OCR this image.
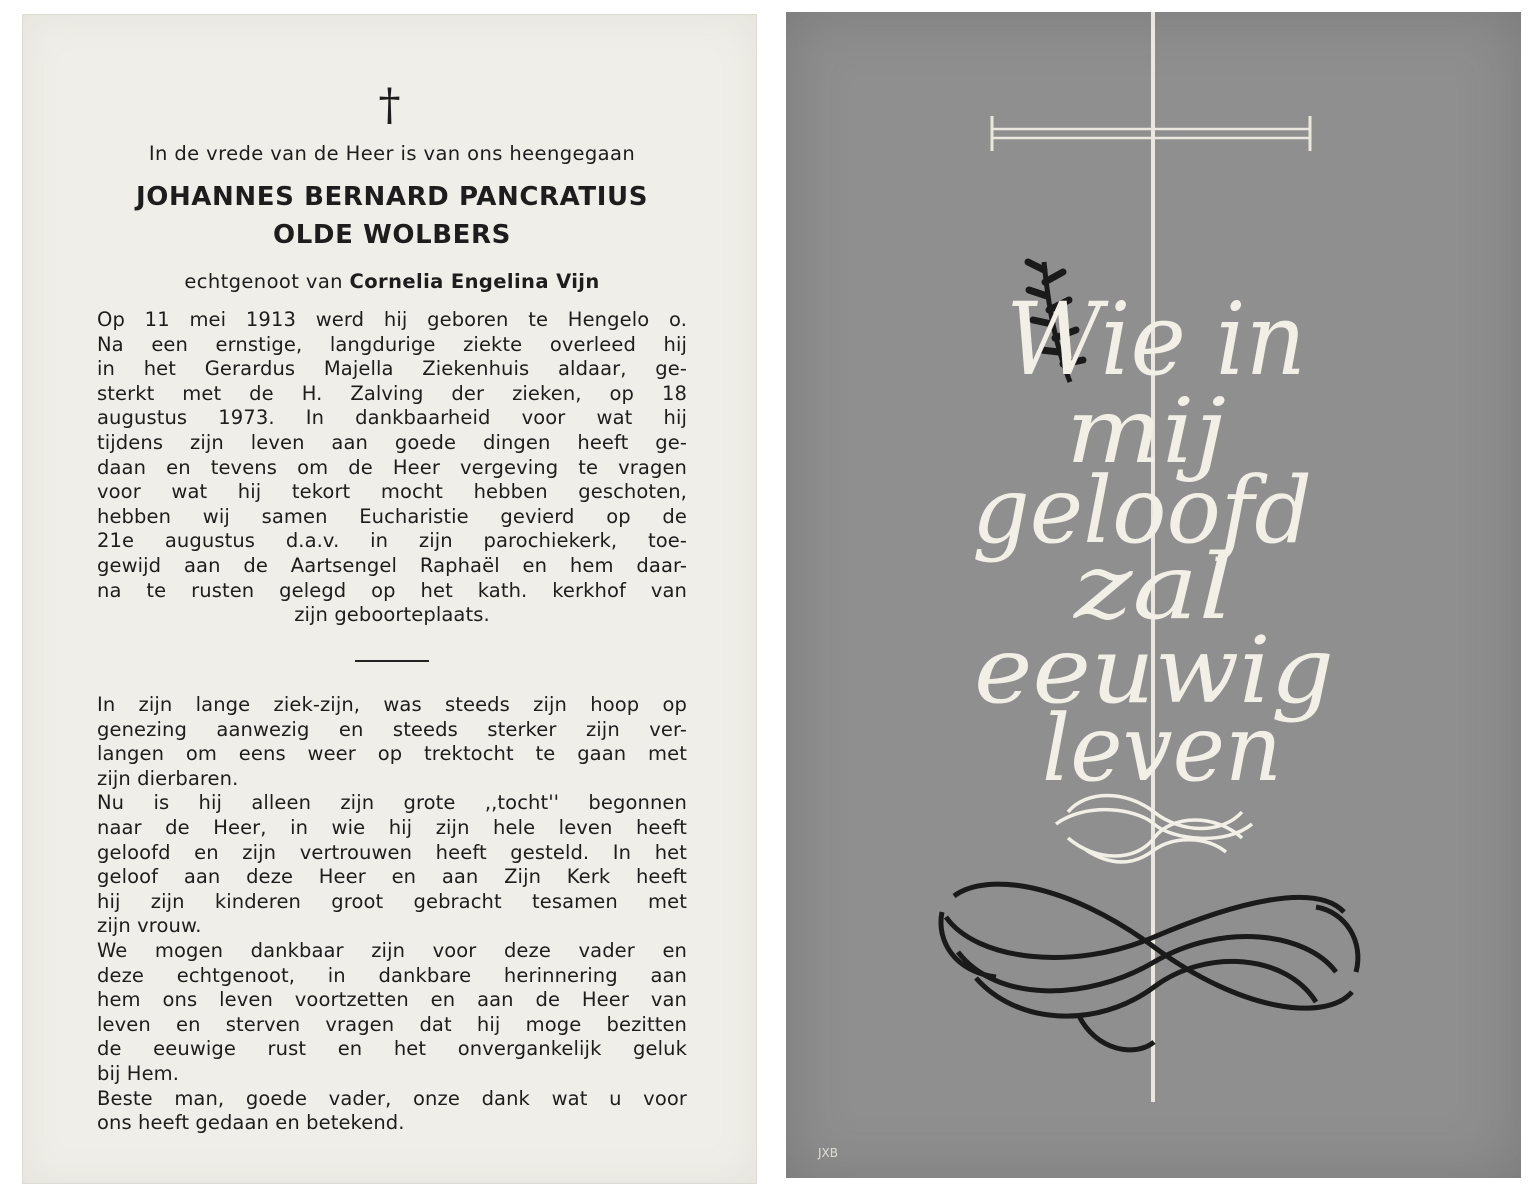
†
In de vrede van de Heer is van ons heengegaan
JOHANNES BERNARD PANCRATIUS
OLDE WOLBERS
echtgenoot van Cornelia Engelina Vijn
Op 11 mei 1913 werd hij geboren te Hengelo o.
Na een ernstige, langdurige ziekte overleed hij
in het Gerardus Majella Ziekenhuis aldaar, ge-
sterkt met de H. Zalving der zieken, op 18
augustus 1973. In dankbaarheid voor wat hij
tijdens zijn leven aan goede dingen heeft ge-
daan en tevens om de Heer vergeving te vragen
voor wat hij tekort mocht hebben geschoten,
hebben wij samen Eucharistie gevierd op de
21e augustus d.a.v. in zijn parochiekerk, toe-
gewijd aan de Aartsengel Raphaël en hem daar-
na te rusten gelegd op het kath. kerkhof van
zijn geboorteplaats.
In zijn lange ziek-zijn, was steeds zijn hoop op
genezing aanwezig en steeds sterker zijn ver-
langen om eens weer op trektocht te gaan met
zijn dierbaren.
Nu is hij alleen zijn grote ,,tocht'' begonnen
naar de Heer, in wie hij zijn hele leven heeft
geloofd en zijn vertrouwen heeft gesteld. In het
geloof aan deze Heer en aan Zijn Kerk heeft
hij zijn kinderen groot gebracht tesamen met
zijn vrouw.
We mogen dankbaar zijn voor deze vader en
deze echtgenoot, in dankbare herinnering aan
hem ons leven voortzetten en aan de Heer van
leven en sterven vragen dat hij moge bezitten
de eeuwige rust en het onvergankelijk geluk
bij Hem.
Beste man, goede vader, onze dank wat u voor
ons heeft gedaan en betekend.
Wie in
mij
geloofd
zal
eeuwig
leven
JXB
